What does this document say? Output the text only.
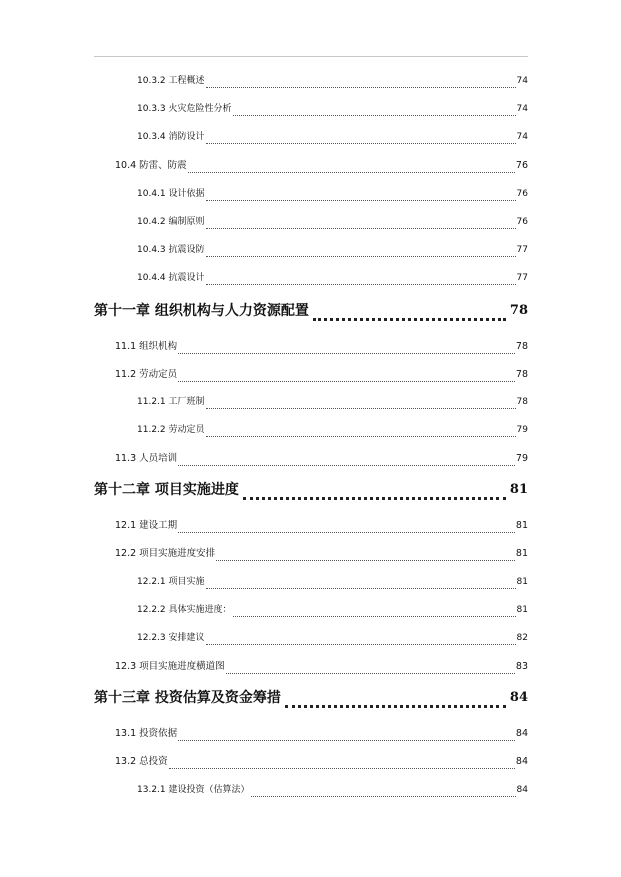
10.3.2 工程概述	74
10.3.3 火灾危险性分析	74
10.3.4 消防设计	74
10.4 防雷、防震	76
10.4.1 设计依据	76
10.4.2 编制原则	76
10.4.3 抗震设防	77
10.4.4 抗震设计	77
第十一章 组织机构与人力资源配置	78
11.1 组织机构	78
11.2 劳动定员	78
11.2.1 工厂班制	78
11.2.2 劳动定员	79
11.3 人员培训	79
第十二章 项目实施进度	81
12.1 建设工期	81
12.2 项目实施进度安排	81
12.2.1 项目实施	81
12.2.2 具体实施进度：	81
12.2.3 安排建议	82
12.3 项目实施进度横道图	83
第十三章 投资估算及资金筹措	84
13.1 投资依据	84
13.2 总投资	84
13.2.1 建设投资（估算法）	84
